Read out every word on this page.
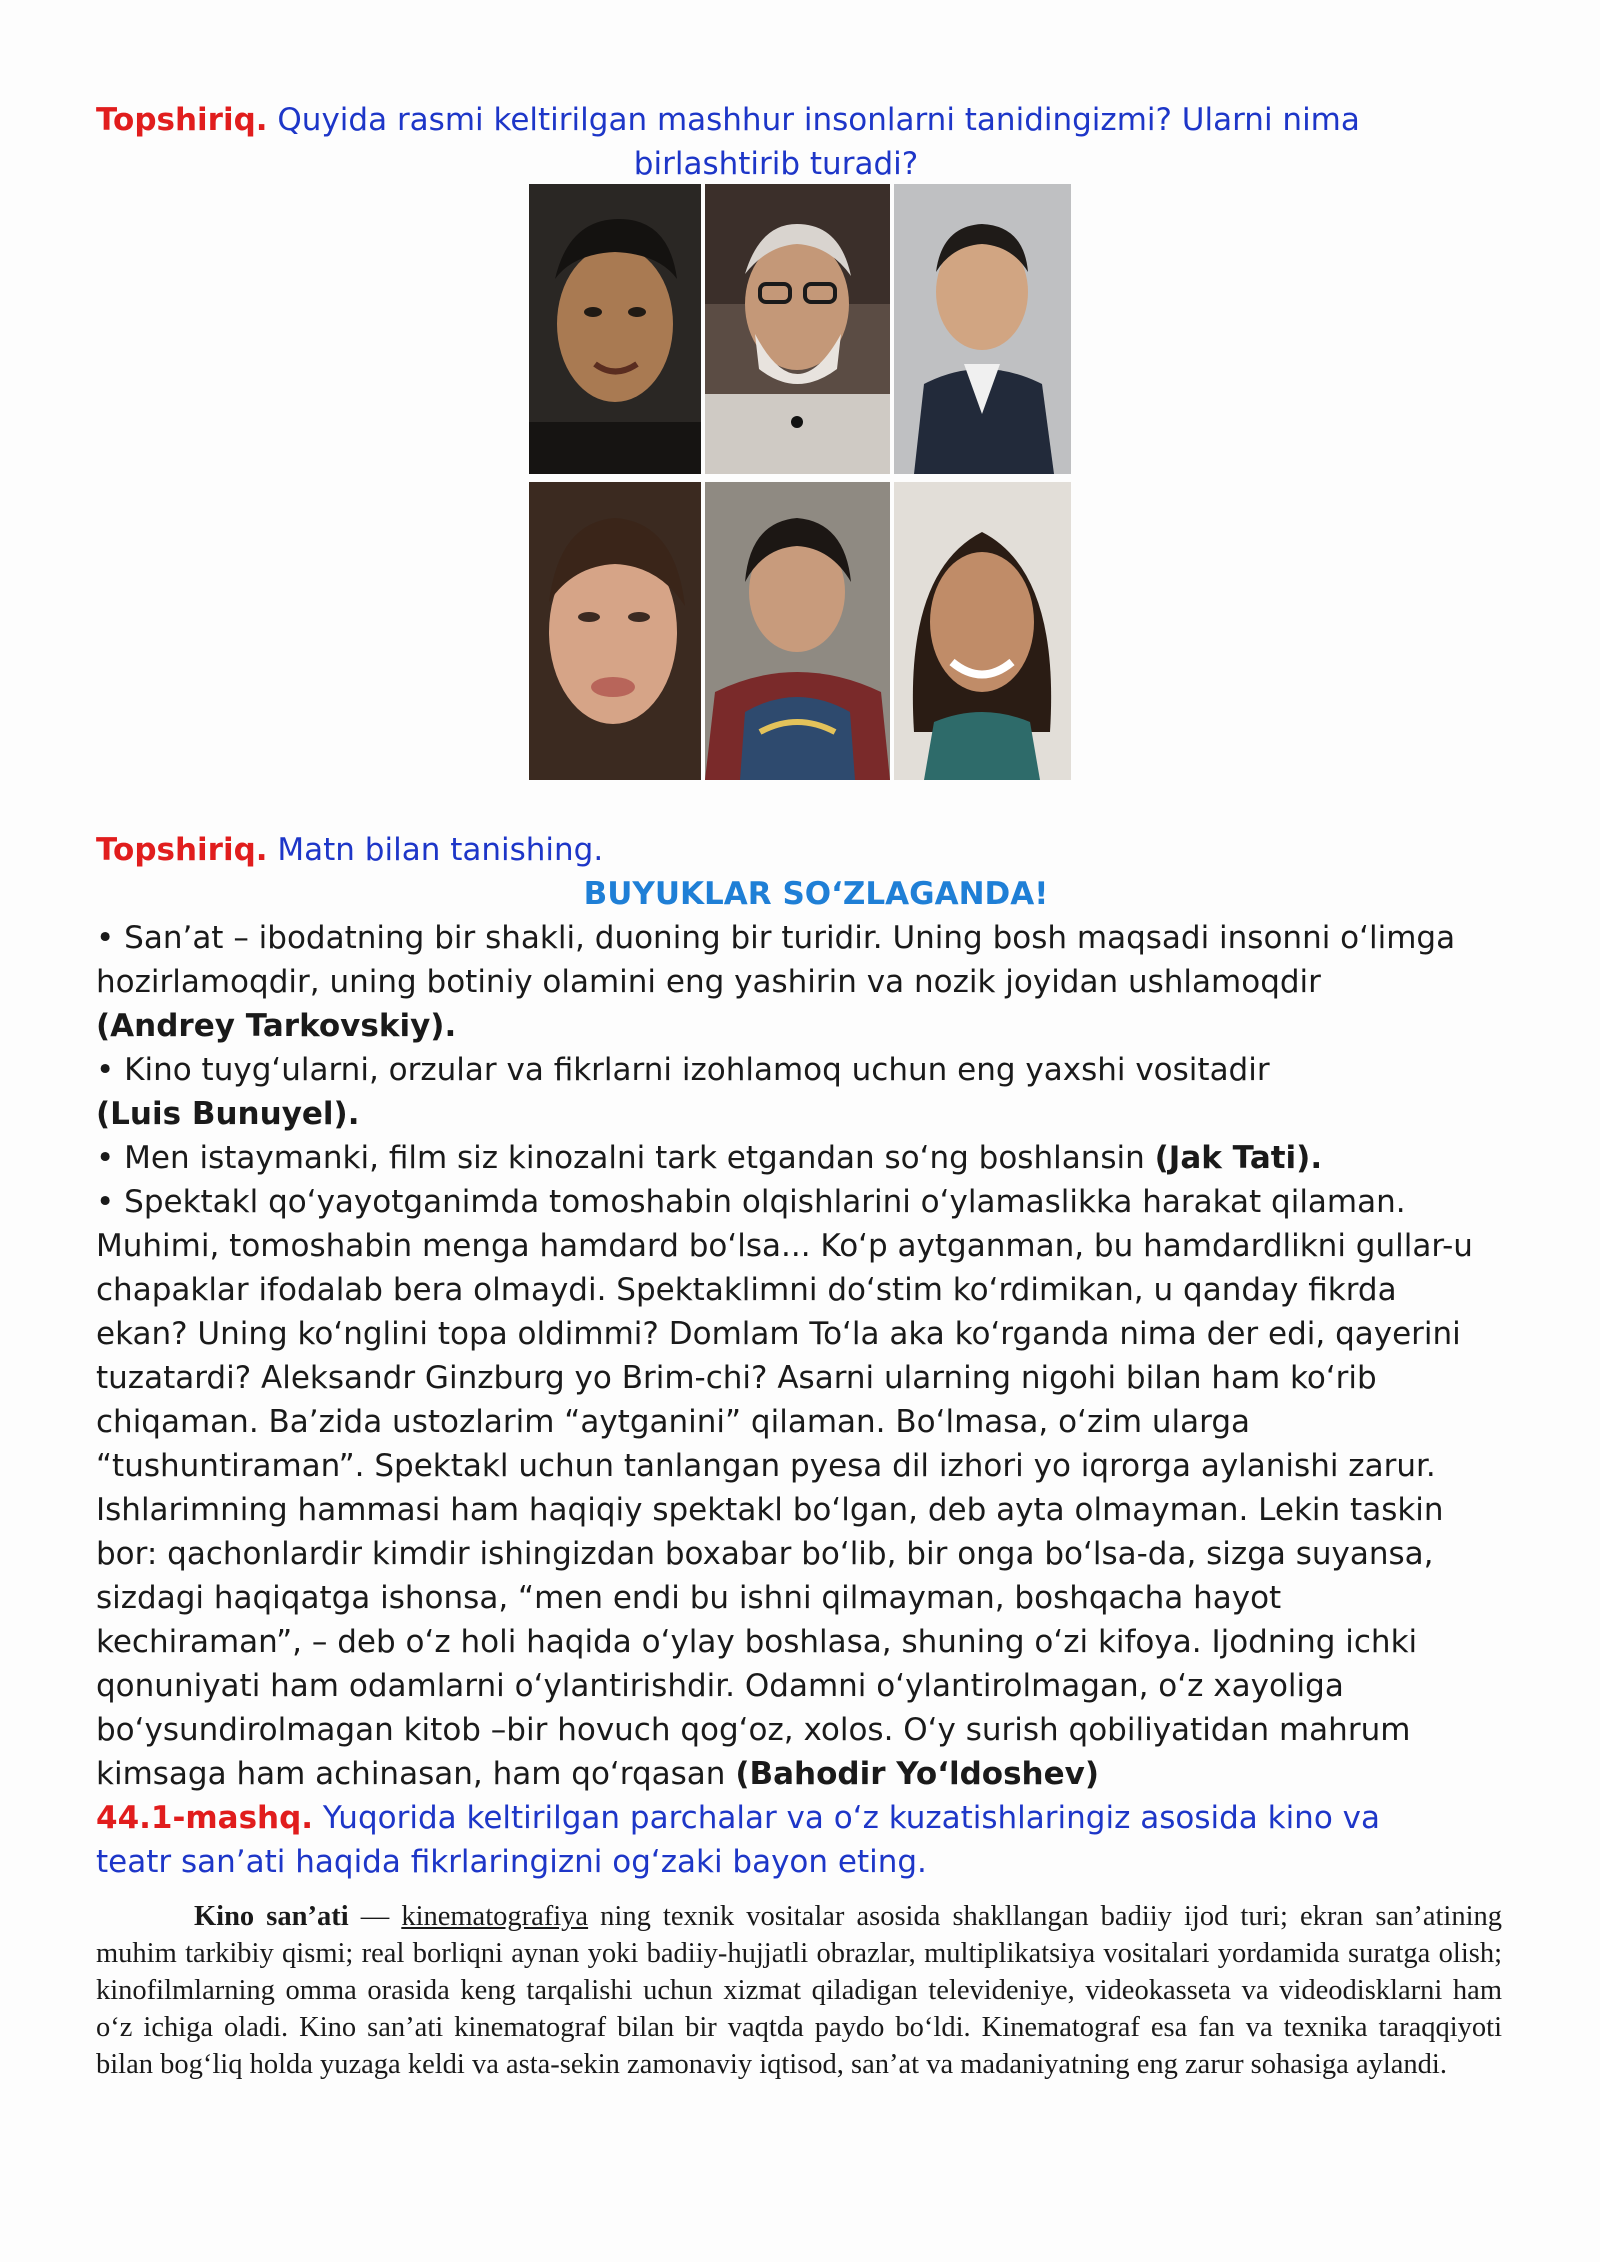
Topshiriq. Quyida rasmi keltirilgan mashhur insonlarni tanidingizmi? Ularni nima
birlashtirib turadi?

Topshiriq. Matn bilan tanishing.

BUYUKLAR SO‘ZLAGANDA!

• San’at – ibodatning bir shakli, duoning bir turidir. Uning bosh maqsadi insonni o‘limga hozirlamoqdir, uning botiniy olamini eng yashirin va nozik joyidan ushlamoqdir (Andrey Tarkovskiy).

• Kino tuyg‘ularni, orzular va fikrlarni izohlamoq uchun eng yaxshi vositadir (Luis Bunuyel).

• Men istaymanki, film siz kinozalni tark etgandan so‘ng boshlansin (Jak Tati).

• Spektakl qo‘yayotganimda tomoshabin olqishlarini o‘ylamaslikka harakat qilaman. Muhimi, tomoshabin menga hamdard bo‘lsa... Ko‘p aytganman, bu hamdardlikni gullar-u chapaklar ifodalab bera olmaydi. Spektaklimni do‘stim ko‘rdimikan, u qanday fikrda ekan? Uning ko‘nglini topa oldimmi? Domlam To‘la aka ko‘rganda nima der edi, qayerini tuzatardi? Aleksandr Ginzburg yo Brim-chi? Asarni ularning nigohi bilan ham ko‘rib chiqaman. Ba’zida ustozlarim “aytganini” qilaman. Bo‘lmasa, o‘zim ularga “tushuntiraman”. Spektakl uchun tanlangan pyesa dil izhori yo iqrorga aylanishi zarur. Ishlarimning hammasi ham haqiqiy spektakl bo‘lgan, deb ayta olmayman. Lekin taskin bor: qachonlardir kimdir ishingizdan boxabar bo‘lib, bir onga bo‘lsa-da, sizga suyansa, sizdagi haqiqatga ishonsa, “men endi bu ishni qilmayman, boshqacha hayot kechiraman”, – deb o‘z holi haqida o‘ylay boshlasa, shuning o‘zi kifoya. Ijodning ichki qonuniyati ham odamlarni o‘ylantirishdir. Odamni o‘ylantirolmagan, o‘z xayoliga bo‘ysundirolmagan kitob –bir hovuch qog‘oz, xolos. O‘y surish qobiliyatidan mahrum kimsaga ham achinasan, ham qo‘rqasan (Bahodir Yo‘ldoshev)

44.1-mashq. Yuqorida keltirilgan parchalar va o‘z kuzatishlaringiz asosida kino va teatr san’ati haqida fikrlaringizni og‘zaki bayon eting.

Kino san’ati — kinematografiya ning texnik vositalar asosida shakllangan badiiy ijod turi; ekran san’atining muhim tarkibiy qismi; real borliqni aynan yoki badiiy-hujjatli obrazlar, multiplikatsiya vositalari yordamida suratga olish; kinofilmlarning omma orasida keng tarqalishi uchun xizmat qiladigan televideniye, videokasseta va videodisklarni ham o‘z ichiga oladi. Kino san’ati kinematograf bilan bir vaqtda paydo bo‘ldi. Kinematograf esa fan va texnika taraqqiyoti bilan bog‘liq holda yuzaga keldi va asta-sekin zamonaviy iqtisod, san’at va madaniyatning eng zarur sohasiga aylandi.
